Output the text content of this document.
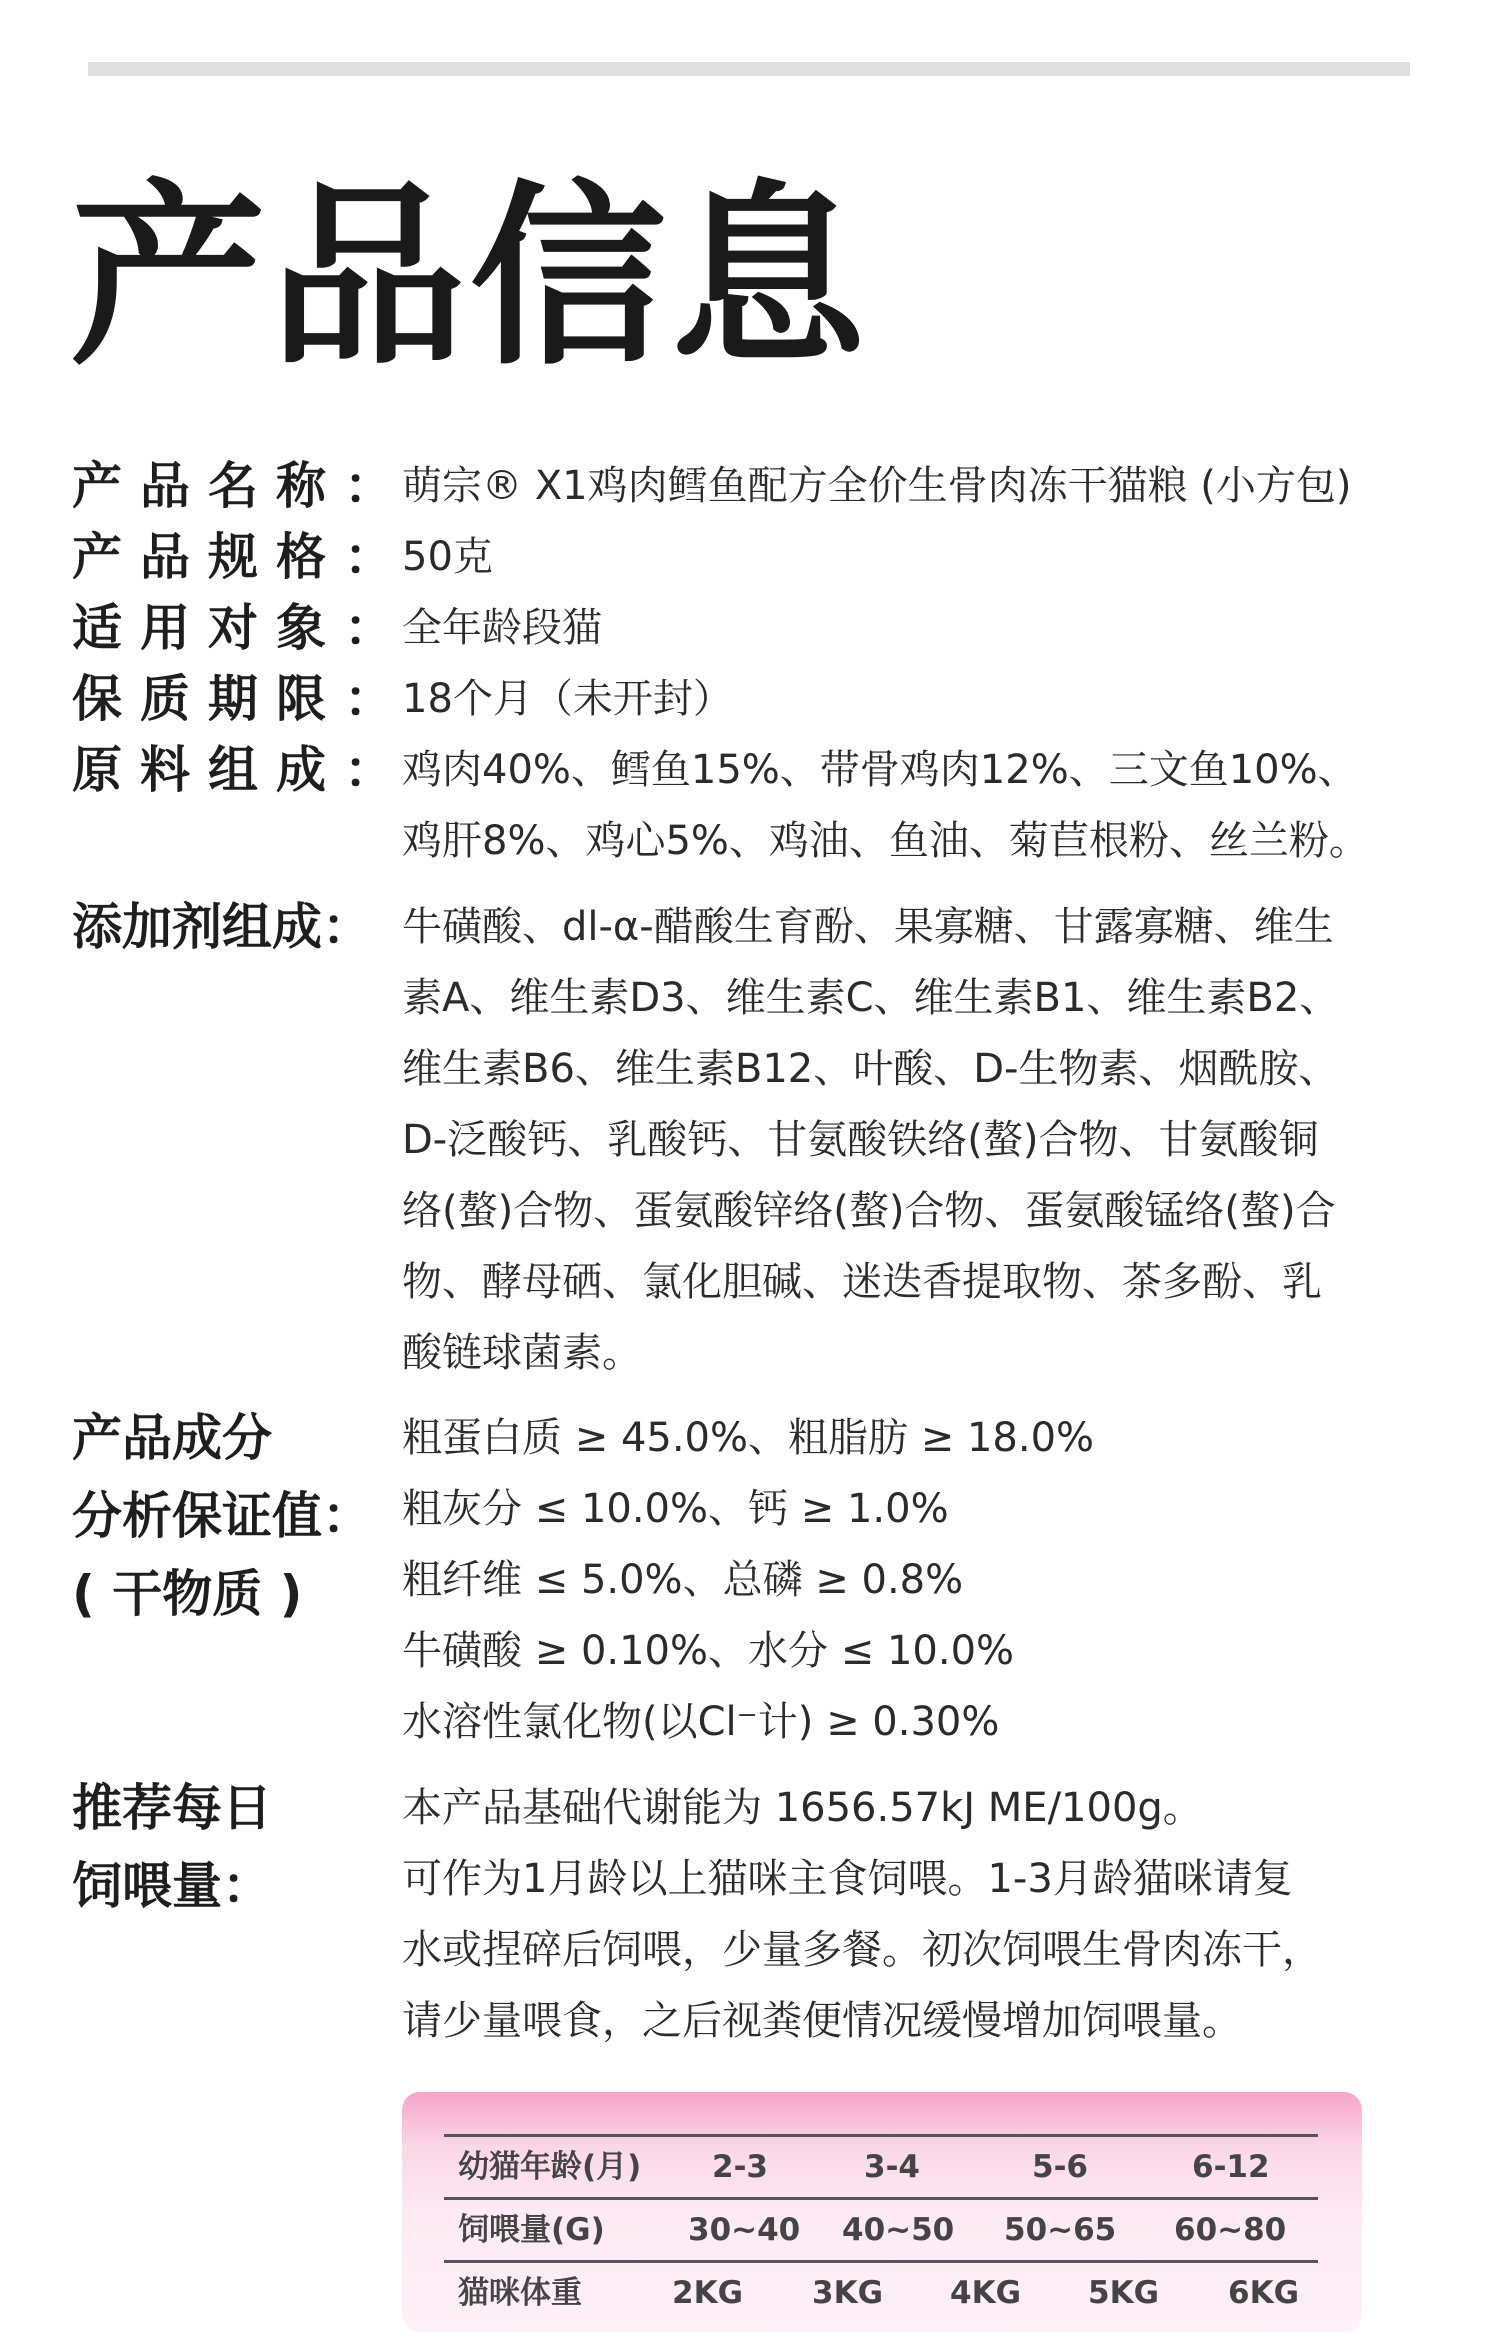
产品信息
产品名称：
萌宗® X1鸡肉鳕鱼配方全价生骨肉冻干猫粮 (小方包)
产品规格：
50克
适用对象：
全年龄段猫
保质期限：
18个月（未开封）
原料组成：
鸡肉40%、鳕鱼15%、带骨鸡肉12%、三文鱼10%、
鸡肝8%、鸡心5%、鸡油、鱼油、菊苣根粉、丝兰粉。
添加剂组成： 牛磺酸、dl-α-醋酸生育酚、果寡糖、甘露寡糖、维生
素A、维生素D3、维生素C、维生素B1、维生素B2、
维生素B6、维生素B12、叶酸、D-生物素、烟酰胺、
D-泛酸钙、乳酸钙、甘氨酸铁络(螯)合物、甘氨酸铜
络(螯)合物、蛋氨酸锌络(螯)合物、蛋氨酸锰络(螯)合
物、酵母硒、氯化胆碱、迷迭香提取物、茶多酚、乳
酸链球菌素。
产品成分
分析保证值：
( 干物质 )
粗蛋白质 ≥ 45.0%、粗脂肪 ≥ 18.0%
粗灰分 ≤ 10.0%、钙 ≥ 1.0%
粗纤维 ≤ 5.0%、总磷 ≥ 0.8%
牛磺酸 ≥ 0.10%、水分 ≤ 10.0%
水溶性氯化物(以Cl⁻计) ≥ 0.30%
推荐每日
饲喂量：
本产品基础代谢能为 1656.57kJ ME/100g。
可作为1月龄以上猫咪主食饲喂。1-3月龄猫咪请复
水或捏碎后饲喂，少量多餐。初次饲喂生骨肉冻干，
请少量喂食，之后视粪便情况缓慢增加饲喂量。
幼猫年龄(月) 2-3	3-4	5-6	6-12
饲喂量(G)	30~40 40~50 50~65 60~80
猫咪体重	2KG 3KG 4KG 5KG 6KG
